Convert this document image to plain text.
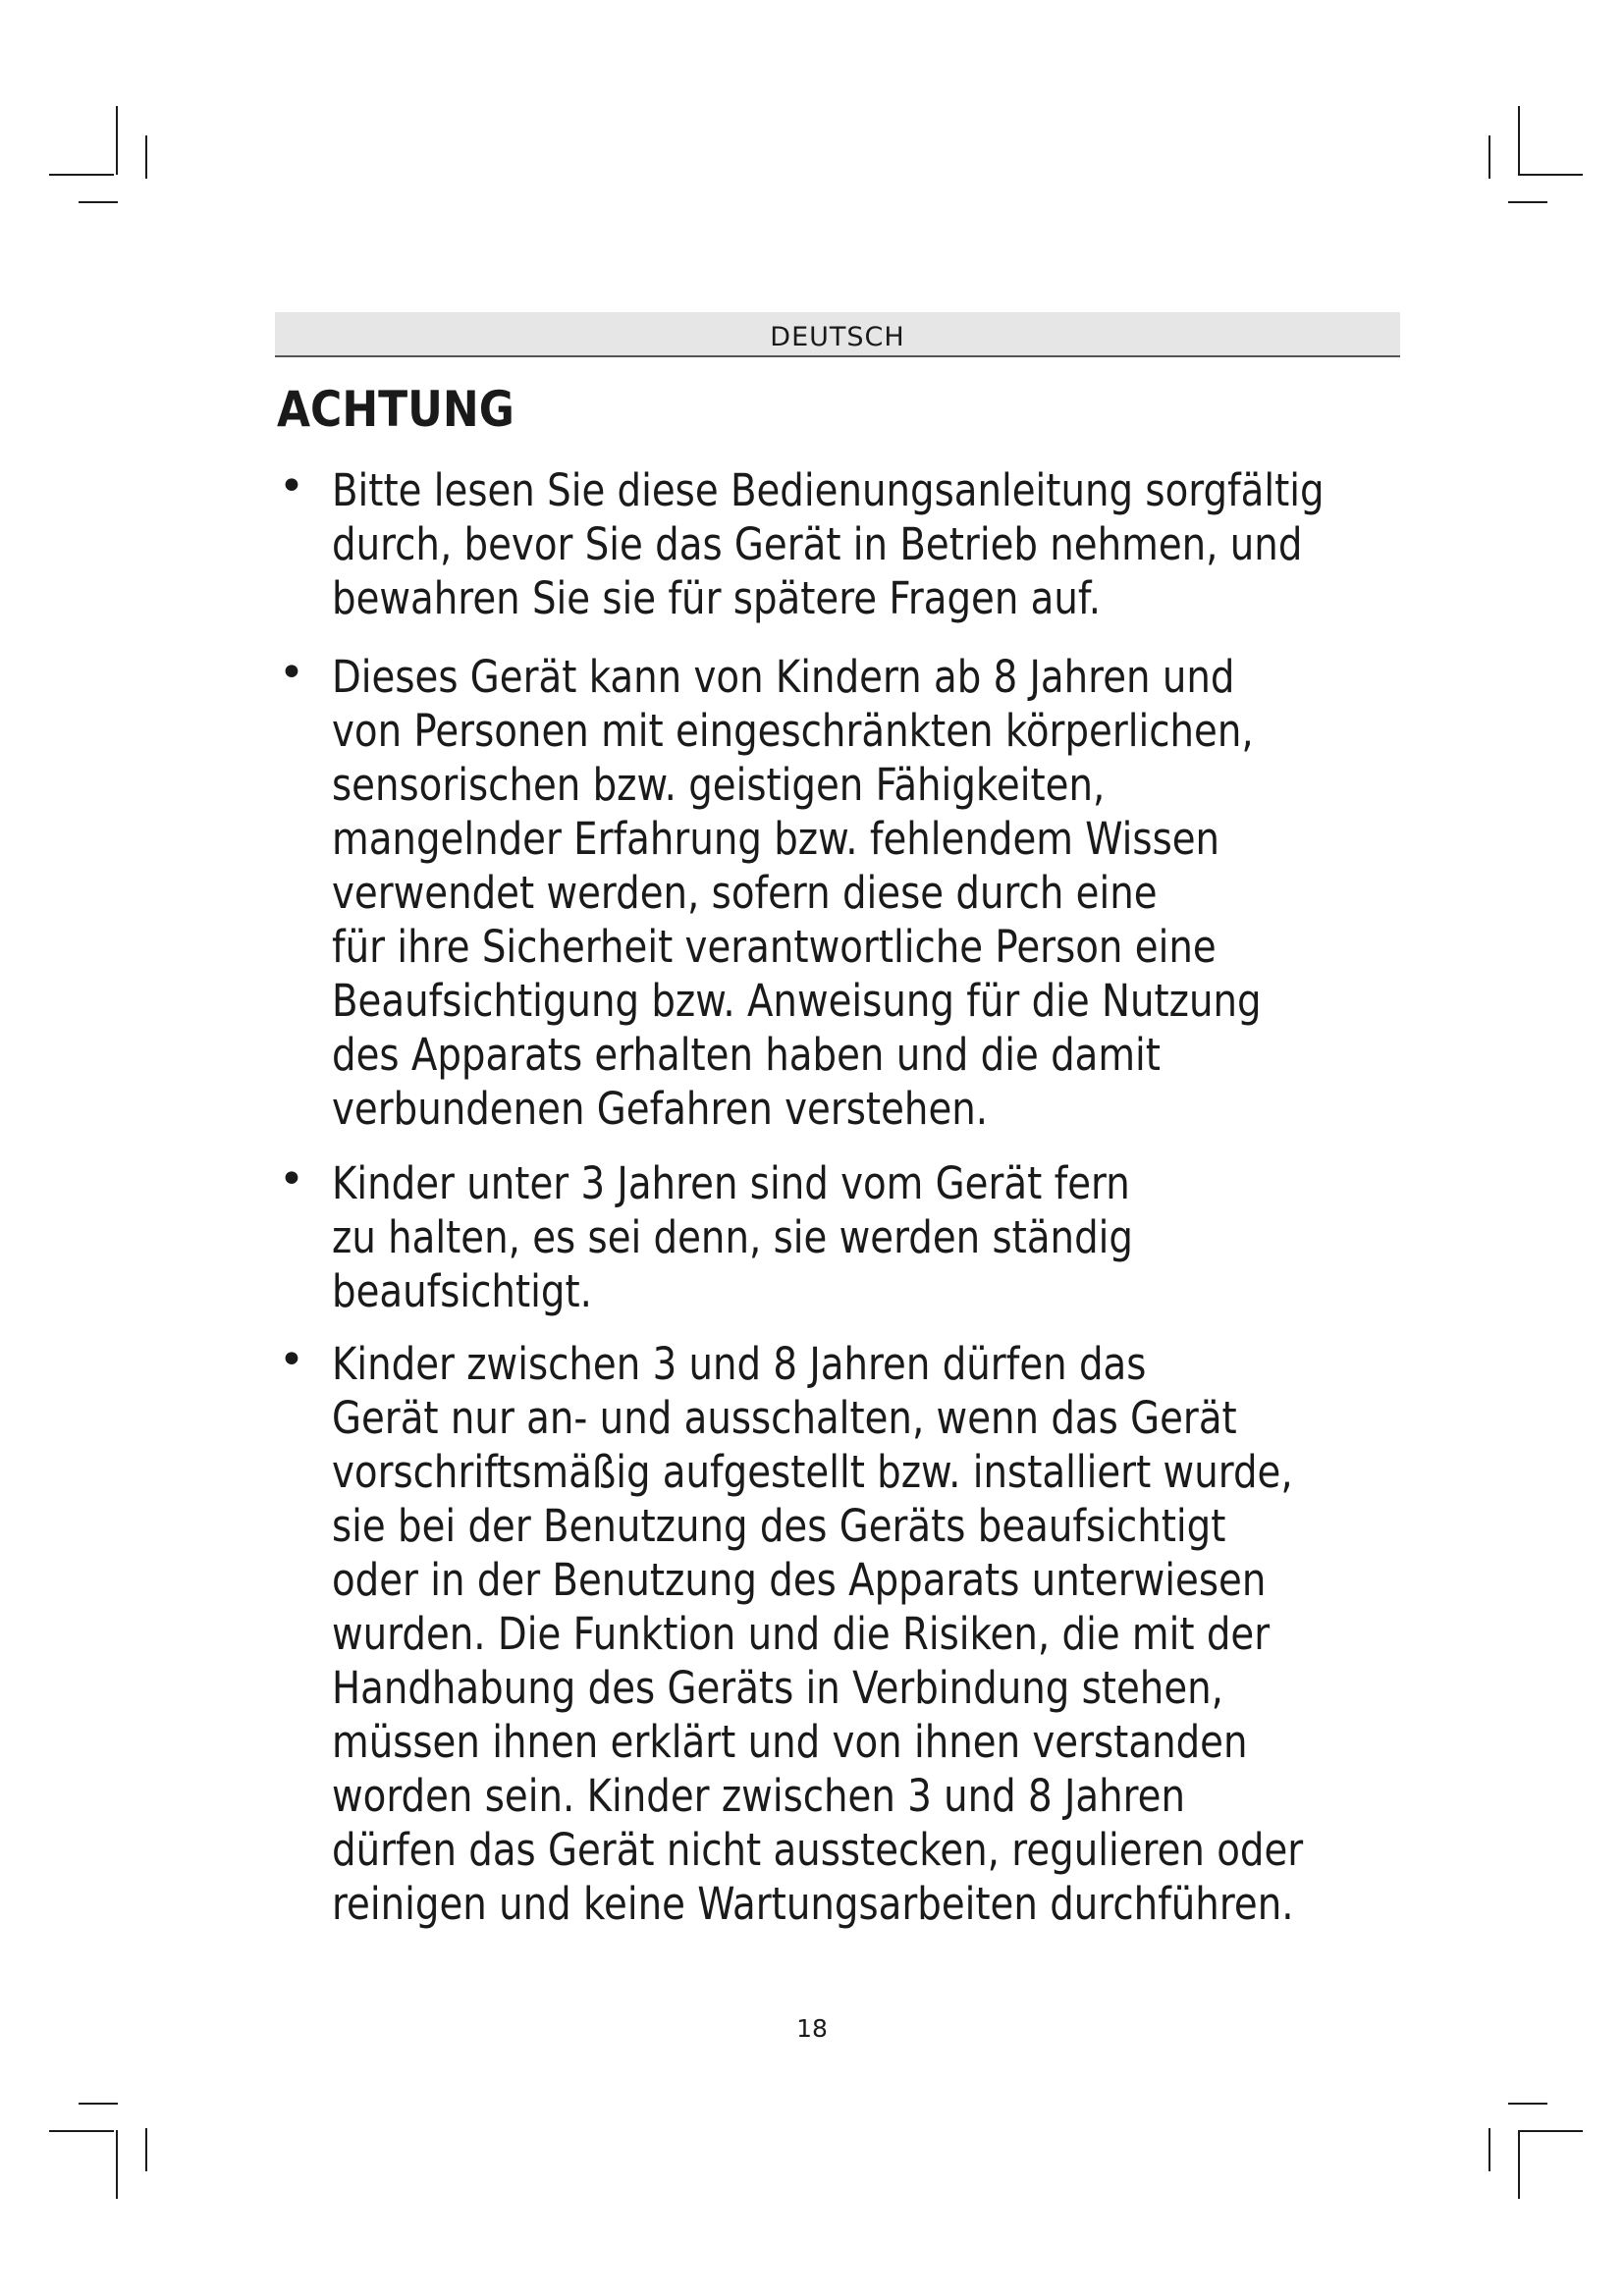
DEUTSCH
ACHTUNG
• Bitte lesen Sie diese Bedienungsanleitung sorgfältig
durch, bevor Sie das Gerät in Betrieb nehmen, und
bewahren Sie sie für spätere Fragen auf.
• Dieses Gerät kann von Kindern ab 8 Jahren und
von Personen mit eingeschränkten körperlichen,
sensorischen bzw. geistigen Fähigkeiten,
mangelnder Erfahrung bzw. fehlendem Wissen
verwendet werden, sofern diese durch eine
für ihre Sicherheit verantwortliche Person eine
Beaufsichtigung bzw. Anweisung für die Nutzung
des Apparats erhalten haben und die damit
verbundenen Gefahren verstehen.
• Kinder unter 3 Jahren sind vom Gerät fern
zu halten, es sei denn, sie werden ständig
beaufsichtigt.
• Kinder zwischen 3 und 8 Jahren dürfen das
Gerät nur an- und ausschalten, wenn das Gerät
vorschriftsmäßig aufgestellt bzw. installiert wurde,
sie bei der Benutzung des Geräts beaufsichtigt
oder in der Benutzung des Apparats unterwiesen
wurden. Die Funktion und die Risiken, die mit der
Handhabung des Geräts in Verbindung stehen,
müssen ihnen erklärt und von ihnen verstanden
worden sein. Kinder zwischen 3 und 8 Jahren
dürfen das Gerät nicht ausstecken, regulieren oder
reinigen und keine Wartungsarbeiten durchführen.
18
